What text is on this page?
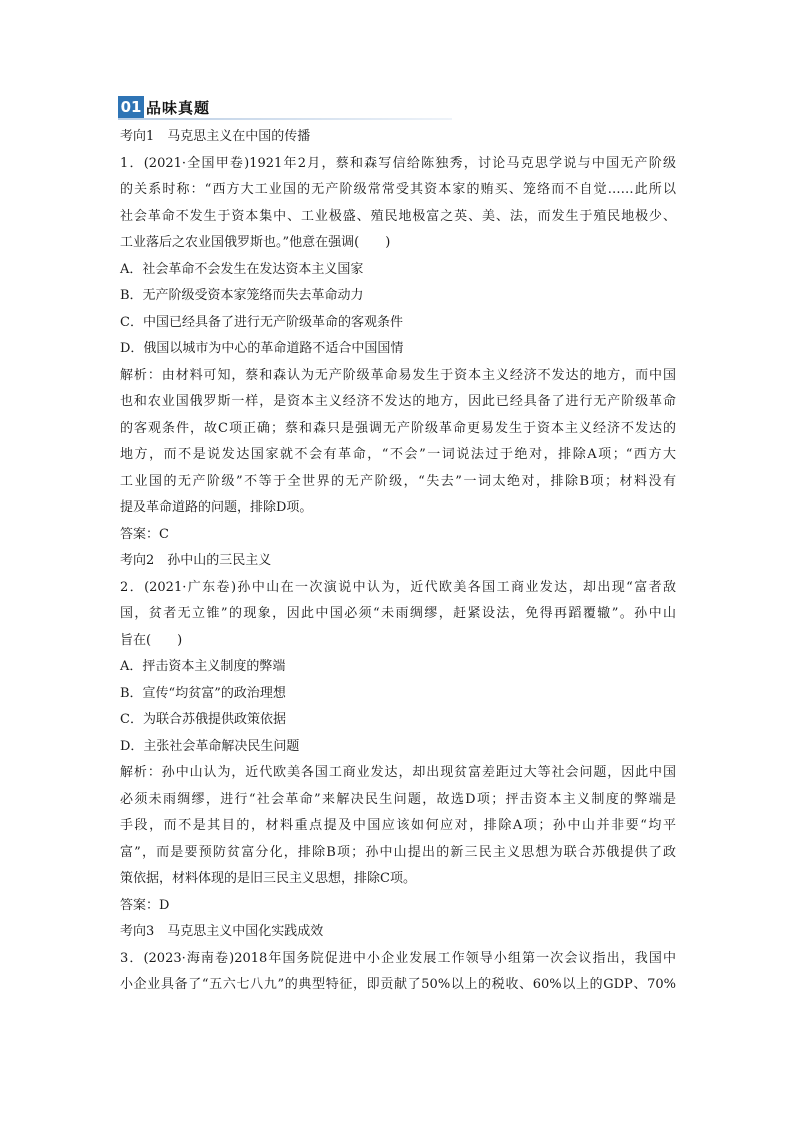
01 品味真题
考向1　马克思主义在中国的传播
1．(2021·全国甲卷)1921年2月，蔡和森写信给陈独秀，讨论马克思学说与中国无产阶级
的关系时称：“西方大工业国的无产阶级常常受其资本家的贿买、笼络而不自觉……此所以
社会革命不发生于资本集中、工业极盛、殖民地极富之英、美、法，而发生于殖民地极少、
工业落后之农业国俄罗斯也。”他意在强调(　　)
A．社会革命不会发生在发达资本主义国家
B．无产阶级受资本家笼络而失去革命动力
C．中国已经具备了进行无产阶级革命的客观条件
D．俄国以城市为中心的革命道路不适合中国国情
解析：由材料可知，蔡和森认为无产阶级革命易发生于资本主义经济不发达的地方，而中国
也和农业国俄罗斯一样，是资本主义经济不发达的地方，因此已经具备了进行无产阶级革命
的客观条件，故C项正确；蔡和森只是强调无产阶级革命更易发生于资本主义经济不发达的
地方，而不是说发达国家就不会有革命，“不会”一词说法过于绝对，排除A项；“西方大
工业国的无产阶级”不等于全世界的无产阶级，“失去”一词太绝对，排除B项；材料没有
提及革命道路的问题，排除D项。
答案：C
考向2　孙中山的三民主义
2．(2021·广东卷)孙中山在一次演说中认为，近代欧美各国工商业发达，却出现“富者敌
国，贫者无立锥”的现象，因此中国必须“未雨绸缪，赶紧设法，免得再蹈覆辙”。孙中山
旨在(　　)
A．抨击资本主义制度的弊端
B．宣传“均贫富”的政治理想
C．为联合苏俄提供政策依据
D．主张社会革命解决民生问题
解析：孙中山认为，近代欧美各国工商业发达，却出现贫富差距过大等社会问题，因此中国
必须未雨绸缪，进行“社会革命”来解决民生问题，故选D项；抨击资本主义制度的弊端是
手段，而不是其目的，材料重点提及中国应该如何应对，排除A项；孙中山并非要“均平
富”，而是要预防贫富分化，排除B项；孙中山提出的新三民主义思想为联合苏俄提供了政
策依据，材料体现的是旧三民主义思想，排除C项。
答案：D
考向3　马克思主义中国化实践成效
3．(2023·海南卷)2018年国务院促进中小企业发展工作领导小组第一次会议指出，我国中
小企业具备了“五六七八九”的典型特征，即贡献了50%以上的税收、60%以上的GDP、70%
